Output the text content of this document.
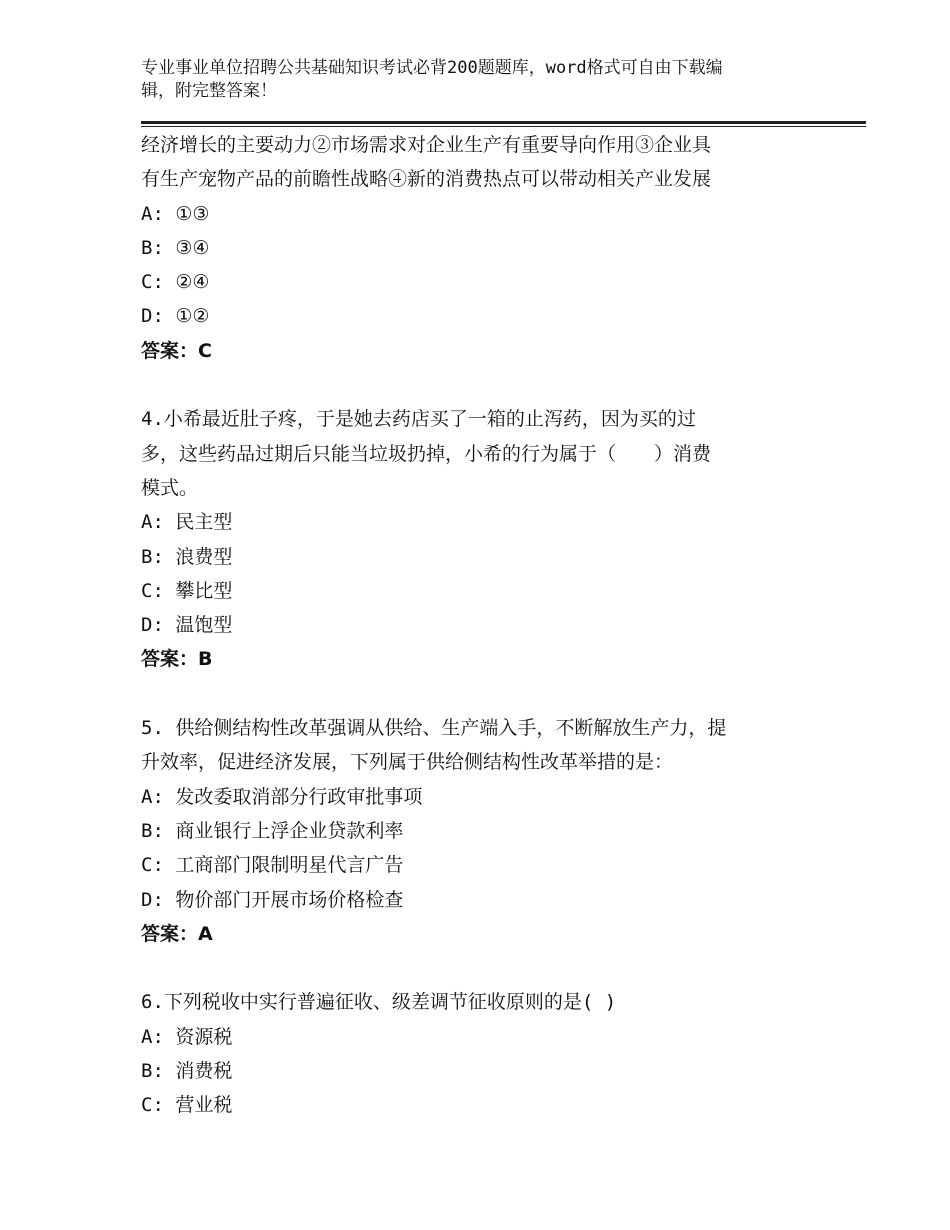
专业事业单位招聘公共基础知识考试必背200题题库，word格式可自由下载编
辑，附完整答案！
经济增长的主要动力②市场需求对企业生产有重要导向作用③企业具
有生产宠物产品的前瞻性战略④新的消费热点可以带动相关产业发展
A: ①③
B: ③④
C: ②④
D: ①②
答案：C
4.小希最近肚子疼，于是她去药店买了一箱的止泻药，因为买的过
多，这些药品过期后只能当垃圾扔掉，小希的行为属于（　　）消费
模式。
A: 民主型
B: 浪费型
C: 攀比型
D: 温饱型
答案：B
5. 供给侧结构性改革强调从供给、生产端入手，不断解放生产力，提
升效率，促进经济发展，下列属于供给侧结构性改革举措的是：
A: 发改委取消部分行政审批事项
B: 商业银行上浮企业贷款利率
C: 工商部门限制明星代言广告
D: 物价部门开展市场价格检查
答案：A
6.下列税收中实行普遍征收、级差调节征收原则的是( )
A: 资源税
B: 消费税
C: 营业税
